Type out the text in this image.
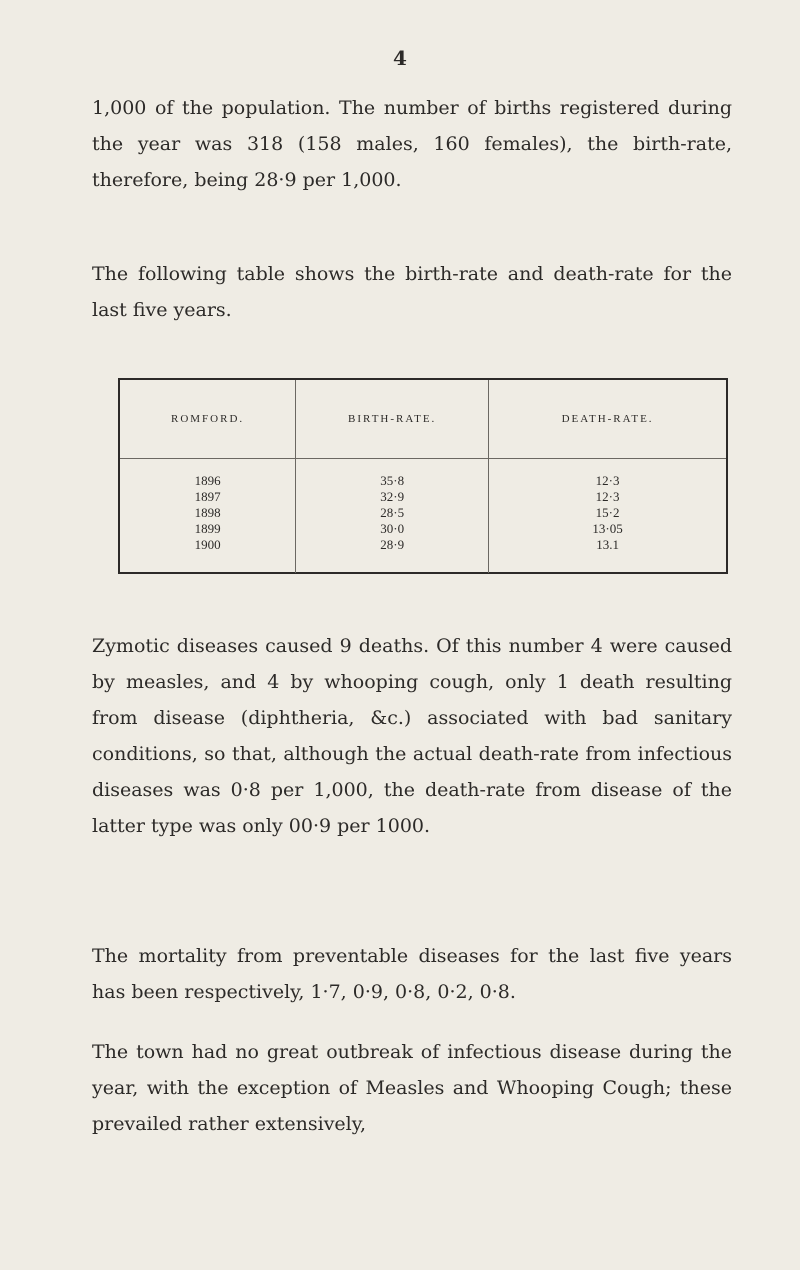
4

1,000 of the population. The number of births registered during the year was 318 (158 males, 160 females), the birth-rate, therefore, being 28·9 per 1,000.

The following table shows the birth-rate and death-rate for the last five years.

ROMFORD.	BIRTH-RATE.	DEATH-RATE.
1896	35·8	12·3
1897	32·9	12·3
1898	28·5	15·2
1899	30·0	13·05
1900	28·9	13.1

Zymotic diseases caused 9 deaths. Of this number 4 were caused by measles, and 4 by whooping cough, only 1 death resulting from disease (diphtheria, &c.) associated with bad sanitary conditions, so that, although the actual death-rate from infectious diseases was 0·8 per 1,000, the death-rate from disease of the latter type was only 00·9 per 1000.

The mortality from preventable diseases for the last five years has been respectively, 1·7, 0·9, 0·8, 0·2, 0·8.

The town had no great outbreak of infectious disease during the year, with the exception of Measles and Whooping Cough; these prevailed rather extensively,
